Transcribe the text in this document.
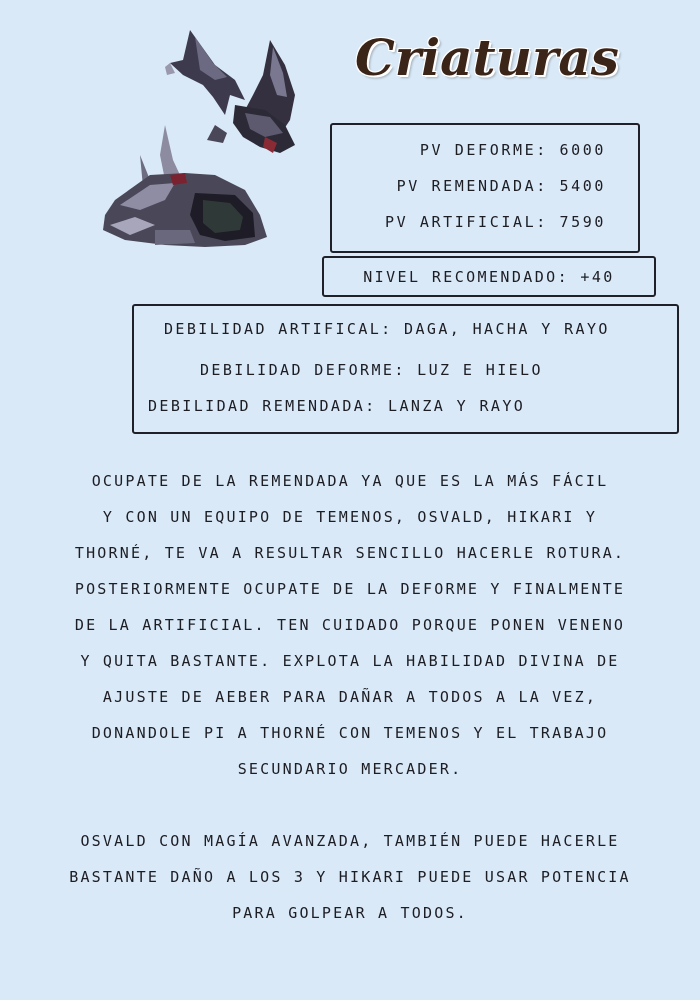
Criaturas
PV DEFORME: 6000
PV REMENDADA: 5400
PV ARTIFICIAL: 7590
NIVEL RECOMENDADO: +40
DEBILIDAD ARTIFICAL: DAGA, HACHA Y RAYO
DEBILIDAD DEFORME: LUZ E HIELO
DEBILIDAD REMENDADA: LANZA Y RAYO
OCUPATE DE LA REMENDADA YA QUE ES LA MÁS FÁCIL
Y CON UN EQUIPO DE TEMENOS, OSVALD, HIKARI Y
THORNÉ, TE VA A RESULTAR SENCILLO HACERLE ROTURA.
POSTERIORMENTE OCUPATE DE LA DEFORME Y FINALMENTE
DE LA ARTIFICIAL. TEN CUIDADO PORQUE PONEN VENENO
Y QUITA BASTANTE. EXPLOTA LA HABILIDAD DIVINA DE
AJUSTE DE AEBER PARA DAÑAR A TODOS A LA VEZ,
DONANDOLE PI A THORNÉ CON TEMENOS Y EL TRABAJO
SECUNDARIO MERCADER.
OSVALD CON MAGÍA AVANZADA, TAMBIÉN PUEDE HACERLE
BASTANTE DAÑO A LOS 3 Y HIKARI PUEDE USAR POTENCIA
PARA GOLPEAR A TODOS.
